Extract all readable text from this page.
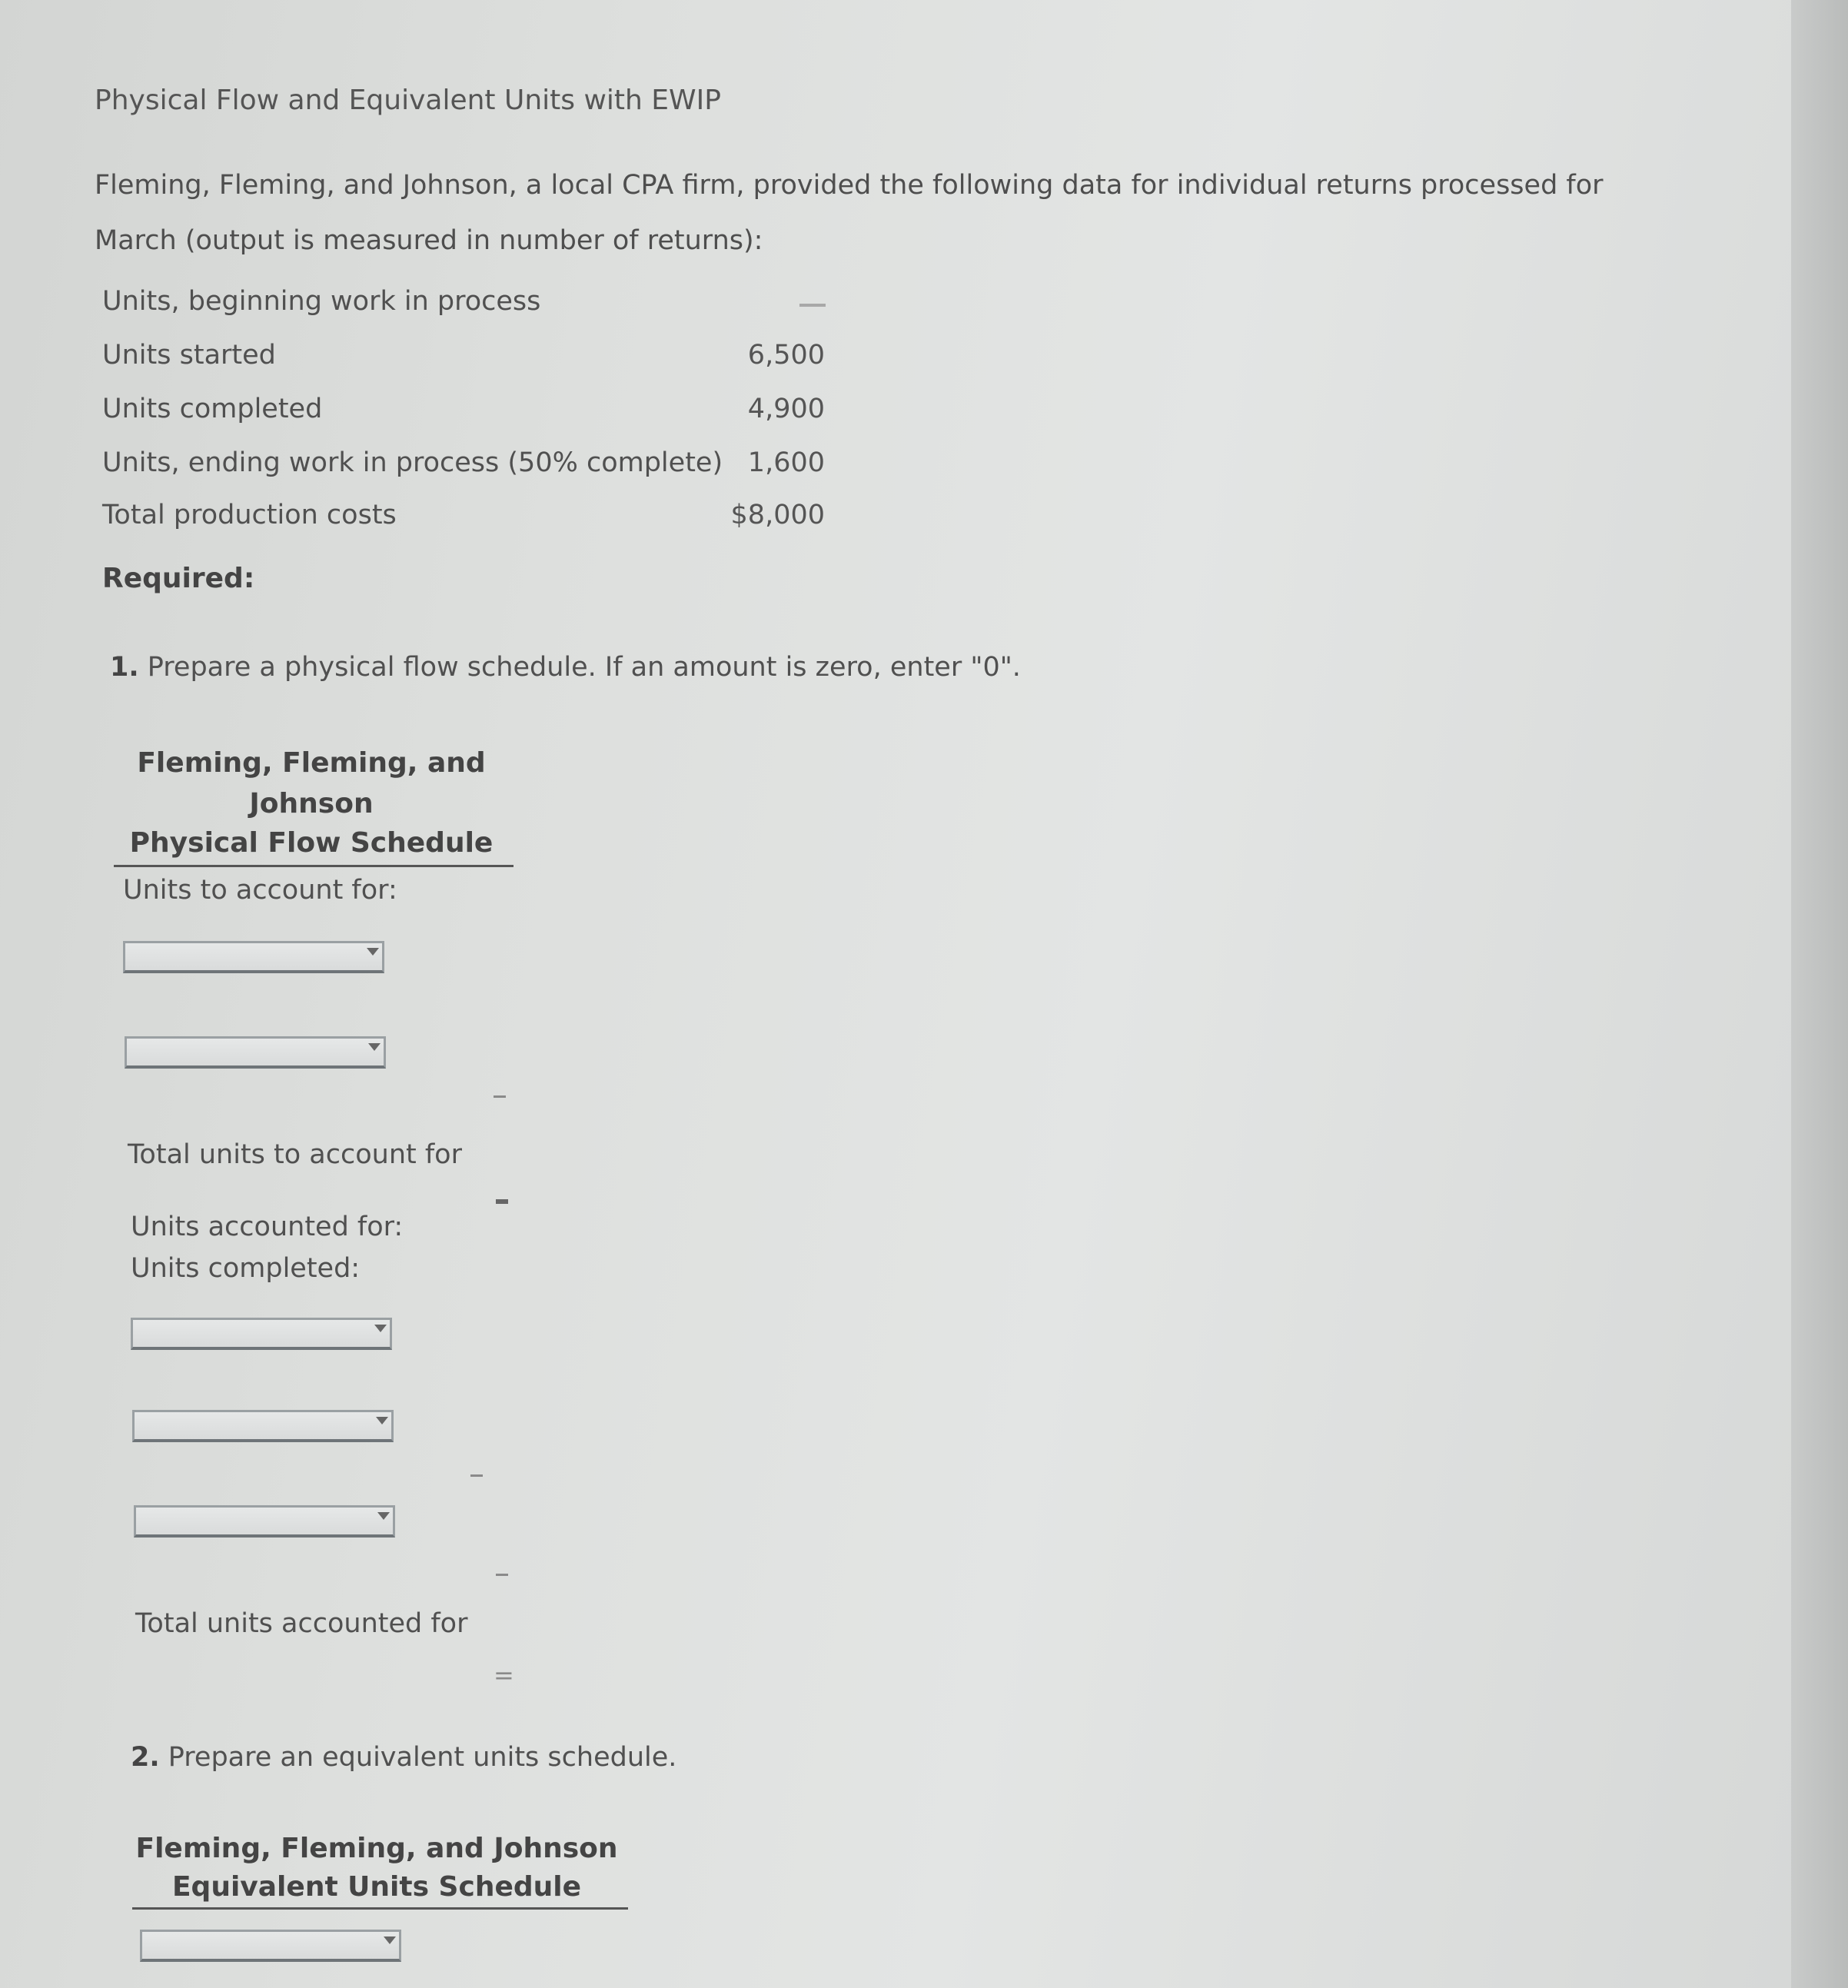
Physical Flow and Equivalent Units with EWIP
Fleming, Fleming, and Johnson, a local CPA firm, provided the following data for individual returns processed for
March (output is measured in number of returns):
Units, beginning work in process
Units started	6,500
Units completed	4,900
Units, ending work in process (50% complete) 1,600
Total production costs	$8,000
Required:
1. Prepare a physical flow schedule. If an amount is zero, enter "0".
Fleming, Fleming, and
Johnson
Physical Flow Schedule
Units to account for:
Total units to account for
Units accounted for:
Units completed:
Total units accounted for
=
2. Prepare an equivalent units schedule.
Fleming, Fleming, and Johnson
Equivalent Units Schedule
